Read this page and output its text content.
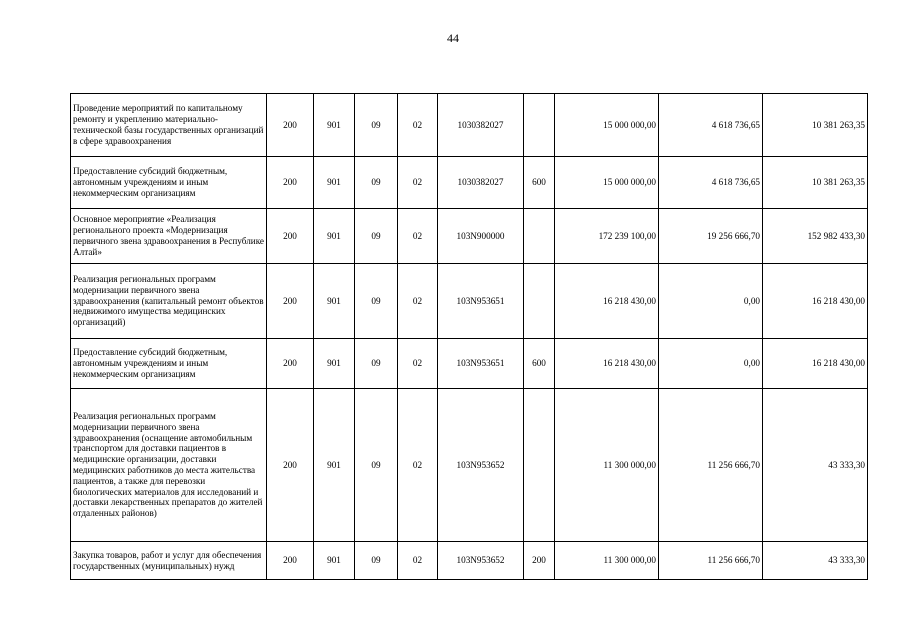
44
Проведение мероприятий по капитальному ремонту и укреплению материально-технической базы государственных организаций в сфере здравоохранения	200	901	09	02	1030382027		15 000 000,00	4 618 736,65	10 381 263,35
Предоставление субсидий бюджетным, автономным учреждениям и иным некоммерческим организациям	200	901	09	02	1030382027	600	15 000 000,00	4 618 736,65	10 381 263,35
Основное мероприятие «Реализация регионального проекта «Модернизация первичного звена здравоохранения в Республике Алтай»	200	901	09	02	103N900000		172 239 100,00	19 256 666,70	152 982 433,30
Реализация региональных программ модернизации первичного звена здравоохранения (капитальный ремонт объектов недвижимого имущества медицинских организаций)	200	901	09	02	103N953651		16 218 430,00	0,00	16 218 430,00
Предоставление субсидий бюджетным, автономным учреждениям и иным некоммерческим организациям	200	901	09	02	103N953651	600	16 218 430,00	0,00	16 218 430,00
Реализация региональных программ модернизации первичного звена здравоохранения (оснащение автомобильным транспортом для доставки пациентов в медицинские организации, доставки медицинских работников до места жительства пациентов, а также для перевозки биологических материалов для исследований и доставки лекарственных препаратов до жителей отдаленных районов)	200	901	09	02	103N953652		11 300 000,00	11 256 666,70	43 333,30
Закупка товаров, работ и услуг для обеспечения государственных (муниципальных) нужд	200	901	09	02	103N953652	200	11 300 000,00	11 256 666,70	43 333,30
